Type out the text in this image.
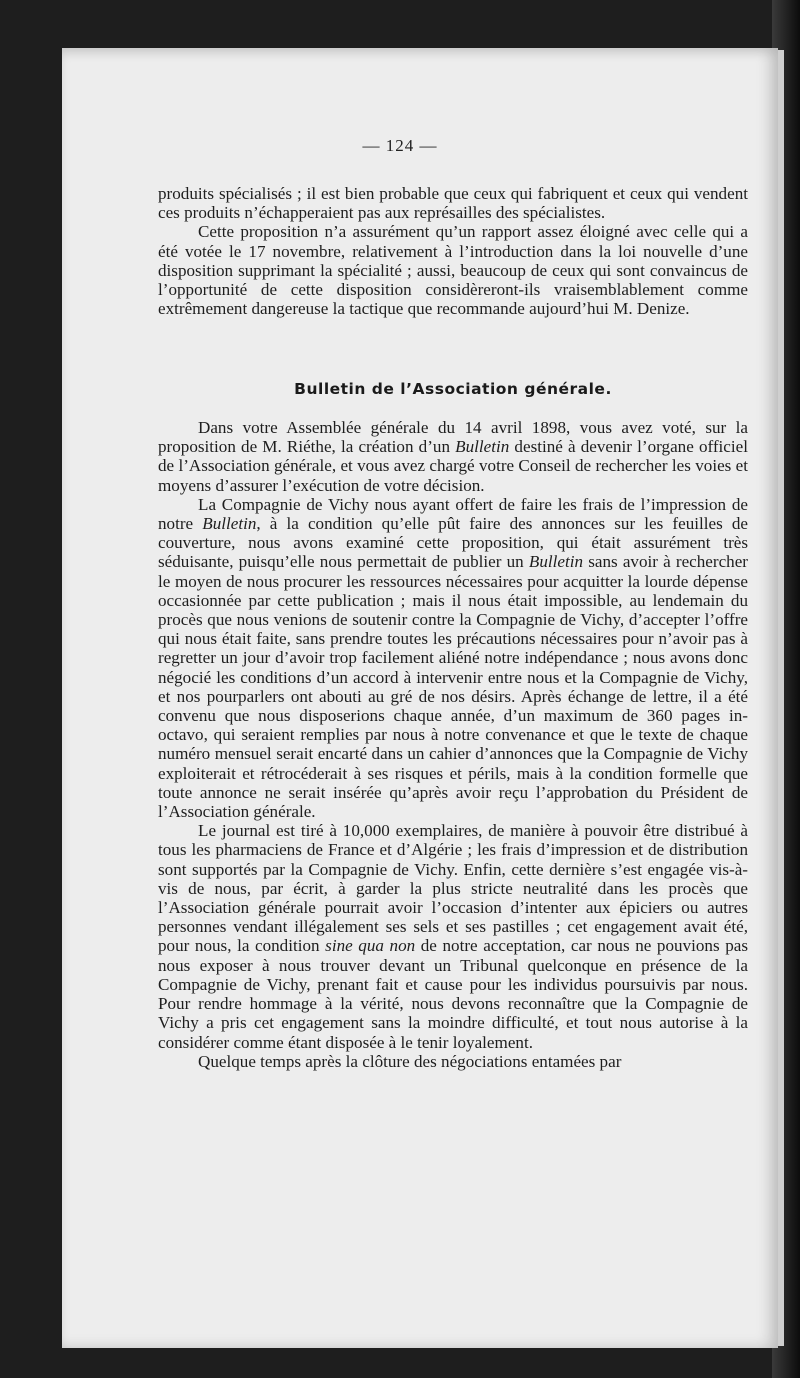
— 124 —

produits spécialisés ; il est bien probable que ceux qui fabriquent et ceux qui vendent ces produits n’échapperaient pas aux représailles des spécialistes.

Cette proposition n’a assurément qu’un rapport assez éloigné avec celle qui a été votée le 17 novembre, relativement à l’introduction dans la loi nouvelle d’une disposition supprimant la spécialité ; aussi, beaucoup de ceux qui sont convaincus de l’opportunité de cette disposition considèreront-ils vraisemblablement comme extrêmement dangereuse la tactique que recommande aujourd’hui M. Denize.

Bulletin de l’Association générale.

Dans votre Assemblée générale du 14 avril 1898, vous avez voté, sur la proposition de M. Riéthe, la création d’un Bulletin destiné à devenir l’organe officiel de l’Association générale, et vous avez chargé votre Conseil de rechercher les voies et moyens d’assurer l’exécution de votre décision.

La Compagnie de Vichy nous ayant offert de faire les frais de l’impression de notre Bulletin, à la condition qu’elle pût faire des annonces sur les feuilles de couverture, nous avons examiné cette proposition, qui était assurément très séduisante, puisqu’elle nous permettait de publier un Bulletin sans avoir à rechercher le moyen de nous procurer les ressources nécessaires pour acquitter la lourde dépense occasionnée par cette publication ; mais il nous était impossible, au lendemain du procès que nous venions de soutenir contre la Compagnie de Vichy, d’accepter l’offre qui nous était faite, sans prendre toutes les précautions nécessaires pour n’avoir pas à regretter un jour d’avoir trop facilement aliéné notre indépendance ; nous avons donc négocié les conditions d’un accord à intervenir entre nous et la Compagnie de Vichy, et nos pourparlers ont abouti au gré de nos désirs. Après échange de lettre, il a été convenu que nous disposerions chaque année, d’un maximum de 360 pages in-octavo, qui seraient remplies par nous à notre convenance et que le texte de chaque numéro mensuel serait encarté dans un cahier d’annonces que la Compagnie de Vichy exploiterait et rétrocéderait à ses risques et périls, mais à la condition formelle que toute annonce ne serait insérée qu’après avoir reçu l’approbation du Président de l’Association générale.

Le journal est tiré à 10,000 exemplaires, de manière à pouvoir être distribué à tous les pharmaciens de France et d’Algérie ; les frais d’impression et de distribution sont supportés par la Compagnie de Vichy. Enfin, cette dernière s’est engagée vis-à-vis de nous, par écrit, à garder la plus stricte neutralité dans les procès que l’Association générale pourrait avoir l’occasion d’intenter aux épiciers ou autres personnes vendant illégalement ses sels et ses pastilles ; cet engagement avait été, pour nous, la condition sine qua non de notre acceptation, car nous ne pouvions pas nous exposer à nous trouver devant un Tribunal quelconque en présence de la Compagnie de Vichy, prenant fait et cause pour les individus poursuivis par nous. Pour rendre hommage à la vérité, nous devons reconnaître que la Compagnie de Vichy a pris cet engagement sans la moindre difficulté, et tout nous autorise à la considérer comme étant disposée à le tenir loyalement.

Quelque temps après la clôture des négociations entamées par
